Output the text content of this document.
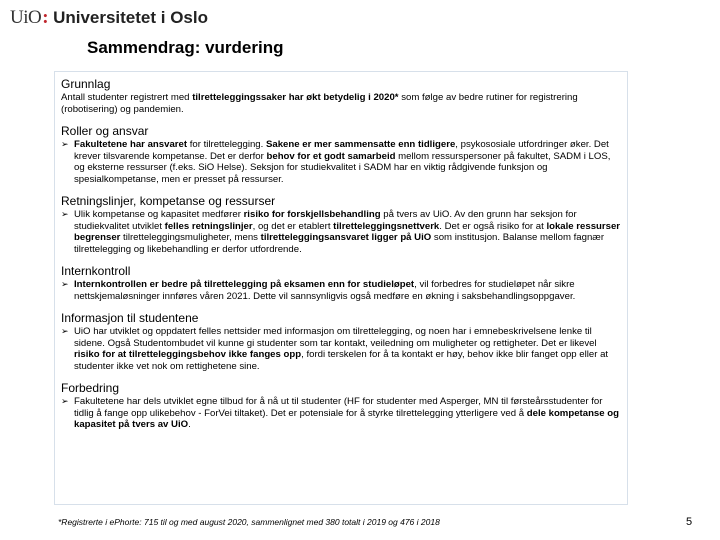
UiO: Universitetet i Oslo
Sammendrag: vurdering
Grunnlag

Antall studenter registrert med tilretteleggingssaker har økt betydelig i 2020* som følge av bedre rutiner for registrering (robotisering) og pandemien.

Roller og ansvar
➢ Fakultetene har ansvaret for tilrettelegging. Sakene er mer sammensatte enn tidligere, psykososiale utfordringer øker. Det krever tilsvarende kompetanse. Det er derfor behov for et godt samarbeid mellom ressurspersoner på fakultet, SADM i LOS, og eksterne ressurser (f.eks. SiO Helse). Seksjon for studiekvalitet i SADM har en viktig rådgivende funksjon og spesialkompetanse, men er presset på ressurser.
Retningslinjer, kompetanse og ressurser
➢ Ulik kompetanse og kapasitet medfører risiko for forskjellsbehandling på tvers av UiO. Av den grunn har seksjon for studiekvalitet utviklet felles retningslinjer, og det er etablert tilretteleggingsnettverk. Det er også risiko for at lokale ressurser begrenser tilretteleggingsmuligheter, mens tilretteleggingsansvaret ligger på UiO som institusjon. Balanse mellom fagnær tilrettelegging og likebehandling er derfor utfordrende.
Internkontroll
➢ Internkontrollen er bedre på tilrettelegging på eksamen enn for studieløpet, vil forbedres for studieløpet når sikre nettskjemaløsninger innføres våren 2021. Dette vil sannsynligvis også medføre en økning i saksbehandlingsoppgaver.
Informasjon til studentene
➢ UiO har utviklet og oppdatert felles nettsider med informasjon om tilrettelegging, og noen har i emnebeskrivelsene lenke til sidene. Også Studentombudet vil kunne gi studenter som tar kontakt, veiledning om muligheter og rettigheter. Det er likevel risiko for at tilretteleggingsbehov ikke fanges opp, fordi terskelen for å ta kontakt er høy, behov ikke blir fanget opp eller at studenter ikke vet nok om rettighetene sine.
Forbedring
➢ Fakultetene har dels utviklet egne tilbud for å nå ut til studenter (HF for studenter med Asperger, MN til førsteårsstudenter for tidlig å fange opp ulikebehov - ForVei tiltaket). Det er potensiale for å styrke tilrettelegging ytterligere ved å dele kompetanse og kapasitet på tvers av UiO.
*Registrerte i ePhorte: 715 til og med august 2020, sammenlignet med 380 totalt i 2019 og 476 i 2018	5
